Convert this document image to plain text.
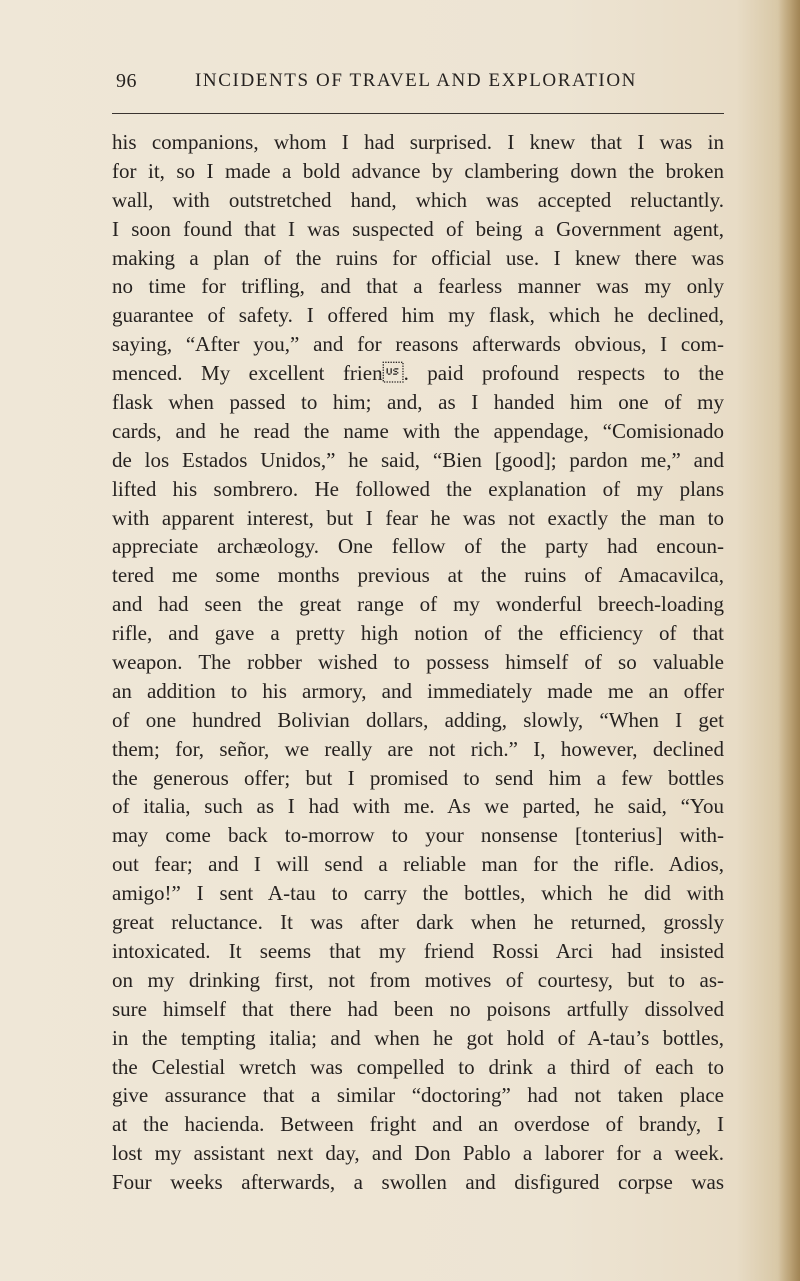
96	INCIDENTS OF TRAVEL AND EXPLORATION
his companions, whom I had surprised. I knew that I was in
for it, so I made a bold advance by clambering down the broken
wall, with outstretched hand, which was accepted reluctantly.
I soon found that I was suspected of being a Government agent,
making a plan of the ruins for official use. I knew there was
no time for trifling, and that a fearless manner was my only
guarantee of safety. I offered him my flask, which he declined,
saying, “After you,” and for reasons afterwards obvious, I com-
menced. My excellent frien. paid profound respects to the
flask when passed to him; and, as I handed him one of my
cards, and he read the name with the appendage, “Comisionado
de los Estados Unidos,” he said, “Bien [good]; pardon me,” and
lifted his sombrero. He followed the explanation of my plans
with apparent interest, but I fear he was not exactly the man to
appreciate archæology. One fellow of the party had encoun-
tered me some months previous at the ruins of Amacavilca,
and had seen the great range of my wonderful breech-loading
rifle, and gave a pretty high notion of the efficiency of that
weapon. The robber wished to possess himself of so valuable
an addition to his armory, and immediately made me an offer
of one hundred Bolivian dollars, adding, slowly, “When I get
them; for, señor, we really are not rich.” I, however, declined
the generous offer; but I promised to send him a few bottles
of italia, such as I had with me. As we parted, he said, “You
may come back to-morrow to your nonsense [tonterius] with-
out fear; and I will send a reliable man for the rifle. Adios,
amigo!” I sent A-tau to carry the bottles, which he did with
great reluctance. It was after dark when he returned, grossly
intoxicated. It seems that my friend Rossi Arci had insisted
on my drinking first, not from motives of courtesy, but to as-
sure himself that there had been no poisons artfully dissolved
in the tempting italia; and when he got hold of A-tau’s bottles,
the Celestial wretch was compelled to drink a third of each to
give assurance that a similar “doctoring” had not taken place
at the hacienda. Between fright and an overdose of brandy, I
lost my assistant next day, and Don Pablo a laborer for a week.
Four weeks afterwards, a swollen and disfigured corpse was
